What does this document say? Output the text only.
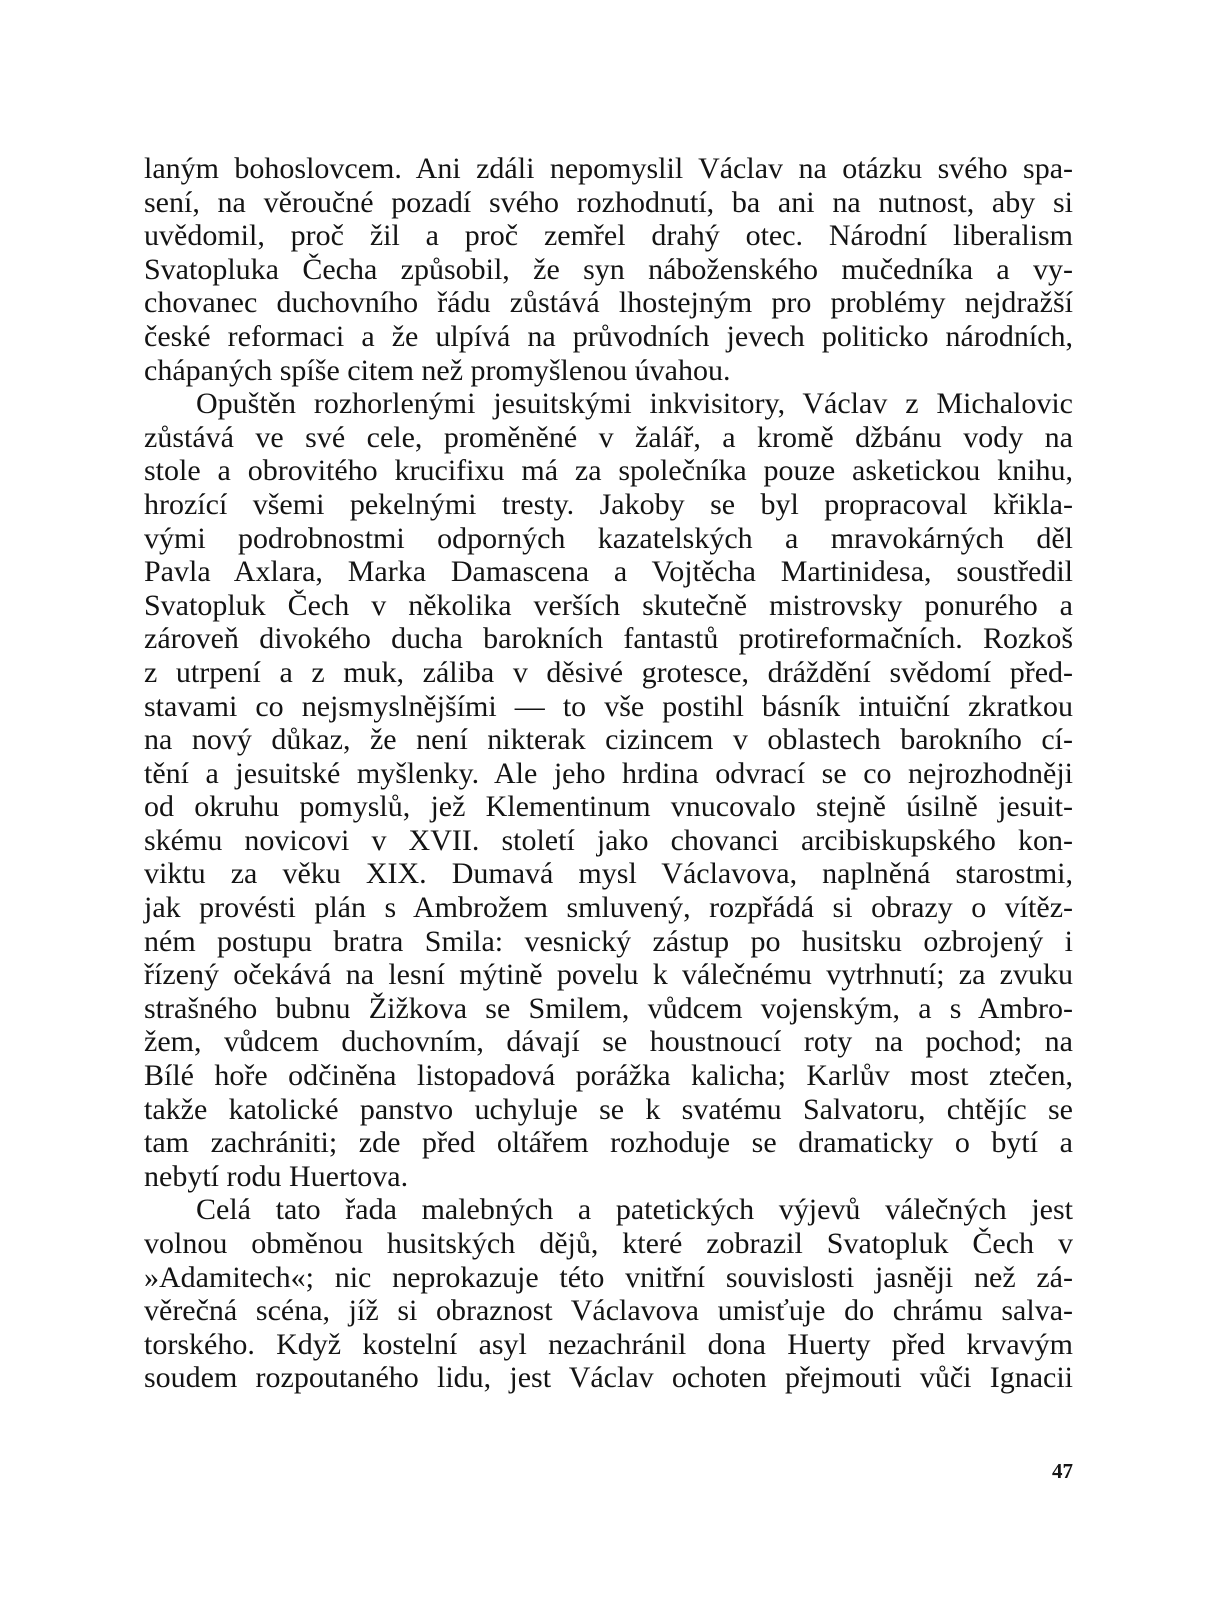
laným bohoslovcem. Ani zdáli nepomyslil Václav na otázku svého spa-
sení, na věroučné pozadí svého rozhodnutí, ba ani na nutnost, aby si
uvědomil, proč žil a proč zemřel drahý otec. Národní liberalism
Svatopluka Čecha způsobil, že syn náboženského mučedníka a vy-
chovanec duchovního řádu zůstává lhostejným pro problémy nejdražší
české reformaci a že ulpívá na průvodních jevech politicko národních,
chápaných spíše citem než promyšlenou úvahou.
Opuštěn rozhorlenými jesuitskými inkvisitory, Václav z Michalovic
zůstává ve své cele, proměněné v žalář, a kromě džbánu vody na
stole a obrovitého krucifixu má za společníka pouze asketickou knihu,
hrozící všemi pekelnými tresty. Jakoby se byl propracoval křikla-
vými podrobnostmi odporných kazatelských a mravokárných děl
Pavla Axlara, Marka Damascena a Vojtěcha Martinidesa, soustředil
Svatopluk Čech v několika verších skutečně mistrovsky ponurého a
zároveň divokého ducha barokních fantastů protireformačních. Rozkoš
z utrpení a z muk, záliba v děsivé grotesce, dráždění svědomí před-
stavami co nejsmyslnějšími — to vše postihl básník intuiční zkratkou
na nový důkaz, že není nikterak cizincem v oblastech barokního cí-
tění a jesuitské myšlenky. Ale jeho hrdina odvrací se co nejrozhodněji
od okruhu pomyslů, jež Klementinum vnucovalo stejně úsilně jesuit-
skému novicovi v XVII. století jako chovanci arcibiskupského kon-
viktu za věku XIX. Dumavá mysl Václavova, naplněná starostmi,
jak provésti plán s Ambrožem smluvený, rozpřádá si obrazy o vítěz-
ném postupu bratra Smila: vesnický zástup po husitsku ozbrojený i
řízený očekává na lesní mýtině povelu k válečnému vytrhnutí; za zvuku
strašného bubnu Žižkova se Smilem, vůdcem vojenským, a s Ambro-
žem, vůdcem duchovním, dávají se houstnoucí roty na pochod; na
Bílé hoře odčiněna listopadová porážka kalicha; Karlův most ztečen,
takže katolické panstvo uchyluje se k svatému Salvatoru, chtějíc se
tam zachrániti; zde před oltářem rozhoduje se dramaticky o bytí a
nebytí rodu Huertova.
Celá tato řada malebných a patetických výjevů válečných jest
volnou obměnou husitských dějů, které zobrazil Svatopluk Čech v
»Adamitech«; nic neprokazuje této vnitřní souvislosti jasněji než zá-
věrečná scéna, jíž si obraznost Václavova umisťuje do chrámu salva-
torského. Když kostelní asyl nezachránil dona Huerty před krvavým
soudem rozpoutaného lidu, jest Václav ochoten přejmouti vůči Ignacii
47
